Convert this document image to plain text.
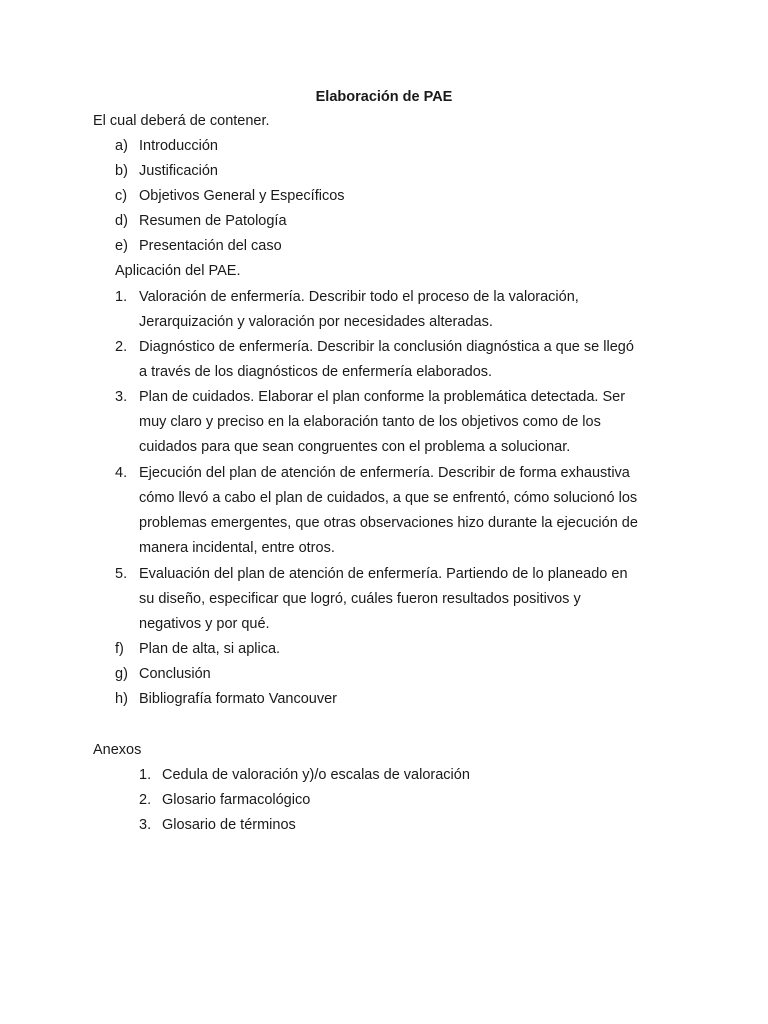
Elaboración de PAE
El cual deberá de contener.
a) Introducción
b) Justificación
c) Objetivos General y Específicos
d) Resumen de Patología
e) Presentación del caso
Aplicación del PAE.
1. Valoración de enfermería. Describir todo el proceso de la valoración,
Jerarquización y valoración por necesidades alteradas.
2. Diagnóstico de enfermería. Describir la conclusión diagnóstica a que se llegó
a través de los diagnósticos de enfermería elaborados.
3. Plan de cuidados. Elaborar el plan conforme la problemática detectada. Ser
muy claro y preciso en la elaboración tanto de los objetivos como de los
cuidados para que sean congruentes con el problema a solucionar.
4. Ejecución del plan de atención de enfermería. Describir de forma exhaustiva
cómo llevó a cabo el plan de cuidados, a que se enfrentó, cómo solucionó los
problemas emergentes, que otras observaciones hizo durante la ejecución de
manera incidental, entre otros.
5. Evaluación del plan de atención de enfermería. Partiendo de lo planeado en
su diseño, especificar que logró, cuáles fueron resultados positivos y
negativos y por qué.
f) Plan de alta, si aplica.
g) Conclusión
h) Bibliografía formato Vancouver
Anexos
1. Cedula de valoración y)/o escalas de valoración
2. Glosario farmacológico
3. Glosario de términos
